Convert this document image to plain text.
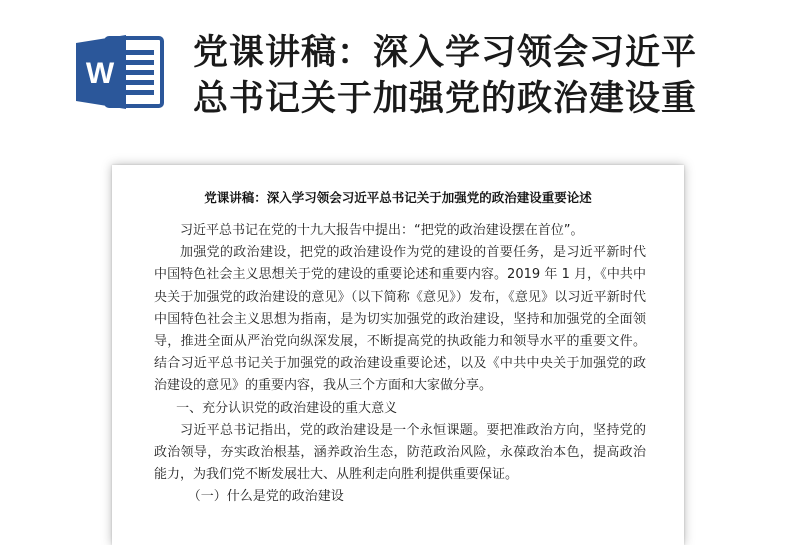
W
党课讲稿：深入学习领会习近平
总书记关于加强党的政治建设重
党课讲稿：深入学习领会习近平总书记关于加强党的政治建设重要论述

习近平总书记在党的十九大报告中提出：“把党的政治建设摆在首位”。

加强党的政治建设，把党的政治建设作为党的建设的首要任务，是习近平新时代中国特色社会主义思想关于党的建设的重要论述和重要内容。2019 年 1 月，《中共中央关于加强党的政治建设的意见》（以下简称《意见》）发布，《意见》以习近平新时代中国特色社会主义思想为指南，是为切实加强党的政治建设，坚持和加强党的全面领导，推进全面从严治党向纵深发展，不断提高党的执政能力和领导水平的重要文件。结合习近平总书记关于加强党的政治建设重要论述，以及《中共中央关于加强党的政治建设的意见》的重要内容，我从三个方面和大家做分享。

一、充分认识党的政治建设的重大意义

习近平总书记指出，党的政治建设是一个永恒课题。要把准政治方向，坚持党的政治领导，夯实政治根基，涵养政治生态，防范政治风险，永葆政治本色，提高政治能力，为我们党不断发展壮大、从胜利走向胜利提供重要保证。

（一）什么是党的政治建设
